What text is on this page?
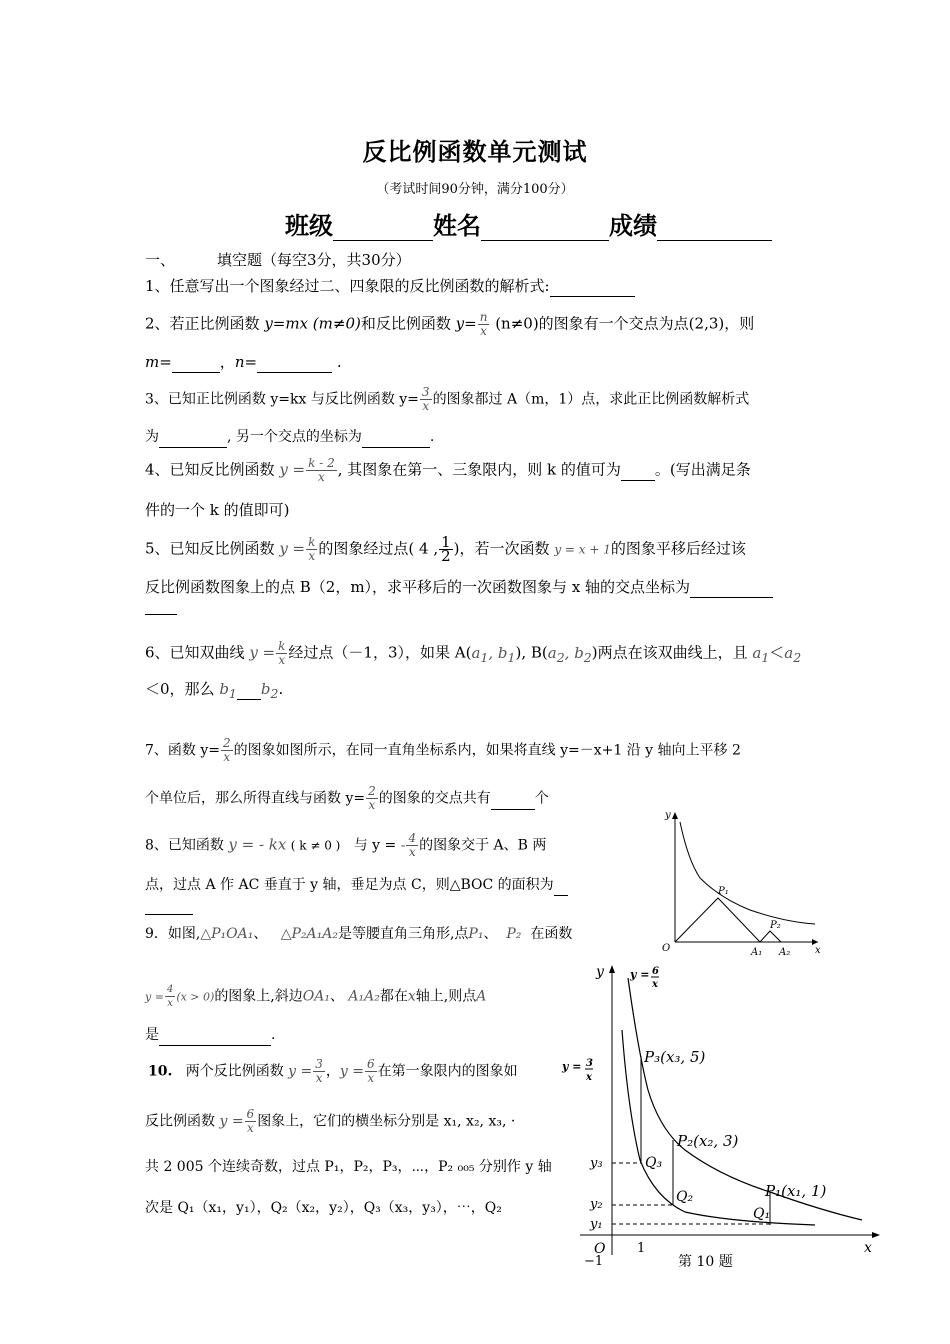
反比例函数单元测试
（考试时间90分钟，满分100分）
班级	姓名	成绩
一、	填空题（每空3分，共30分）
1、任意写出一个图象经过二、四象限的反比例函数的解析式:
2、若正比例函数 y=mx (m≠0)和反比例函数 $y= \frac{n}{x} (n\ne 0)$的图象有一个交点为点(2,3)，则
m=	，n=	.
3、已知正比例函数 y=kx 与反比例函数 $y= \frac{3}{x}$ 的图象都过 A（m，1）点，求此正比例函数解析式
为	, 另一个交点的坐标为	.
4、已知反比例函数 $y = \frac{k - 2}{x}$ , 其图象在第一、三象限内，则 k 的值可为 。(写出满足条
件的一个 k 的值即可)
5、已知反比例函数 $y = \frac{k}{x}$ 的图象经过点( 4 , $\frac{1}{2}$ )，若一次函数 y = x + 1的图象平移后经过该
反比例函数图象上的点 B（2，m），求平移后的一次函数图象与 x 轴的交点坐标为
6、已知双曲线 $y = \frac{k}{x}$ 经过点（－1，3），如果 $A(a_1$, $b_1$), $B(a_2$, $b_2$)两点在该双曲线上，且 $a_1<a_2$
＜0，那么 $b_1$ $b_2$.
7、函数 $y= \frac{2}{x}$ 的图象如图所示，在同一直角坐标系内，如果将直线 y=－x+1 沿 y 轴向上平移 2
个单位后，那么所得直线与函数 $y= \frac{2}{x}$ 的图象的交点共有	个
8、已知函数 y = - kx ( k ≠ 0 ) 与 y = - $\frac{4}{x}$ 的图象交于 A、B 两
点，过点 A 作 AC 垂直于 y 轴，垂足为点 C，则△BOC 的面积为
9．如图,△P₁OA₁、 △P₂A₁A₂是等腰直角三角形,点P₁、 P₂ 在函数
$y = \frac{4}{x} (x > 0)$的图象上,斜边OA₁、 A₁A₂都在x轴上,则点A
是	.
10. 两个反比例函数 $y = \frac{3}{x}$ ，$y = \frac{6}{x}$ 在第一象限内的图象如
反比例函数 $y = \frac{6}{x}$ 图象上，它们的横坐标分别是 x₁, x₂, x₃, ·
共 2 005 个连续奇数，过点 P₁，P₂，P₃，⋯，P₂ ₀₀₅ 分别作 y 轴
次是 Q₁（x₁，y₁），Q₂（x₂，y₂），Q₃（x₃，y₃），⋯，Q₂
y
x
O
P₁
P₂
A₁ A₂
y
x
O
−1
1
y = 6
x
y = 3
x
P₃(x₃, 5)
P₂(x₂, 3)
P₁(x₁, 1)
Q₃
Q₂
Q₁
y₃
y₂
y₁
第 10 题
